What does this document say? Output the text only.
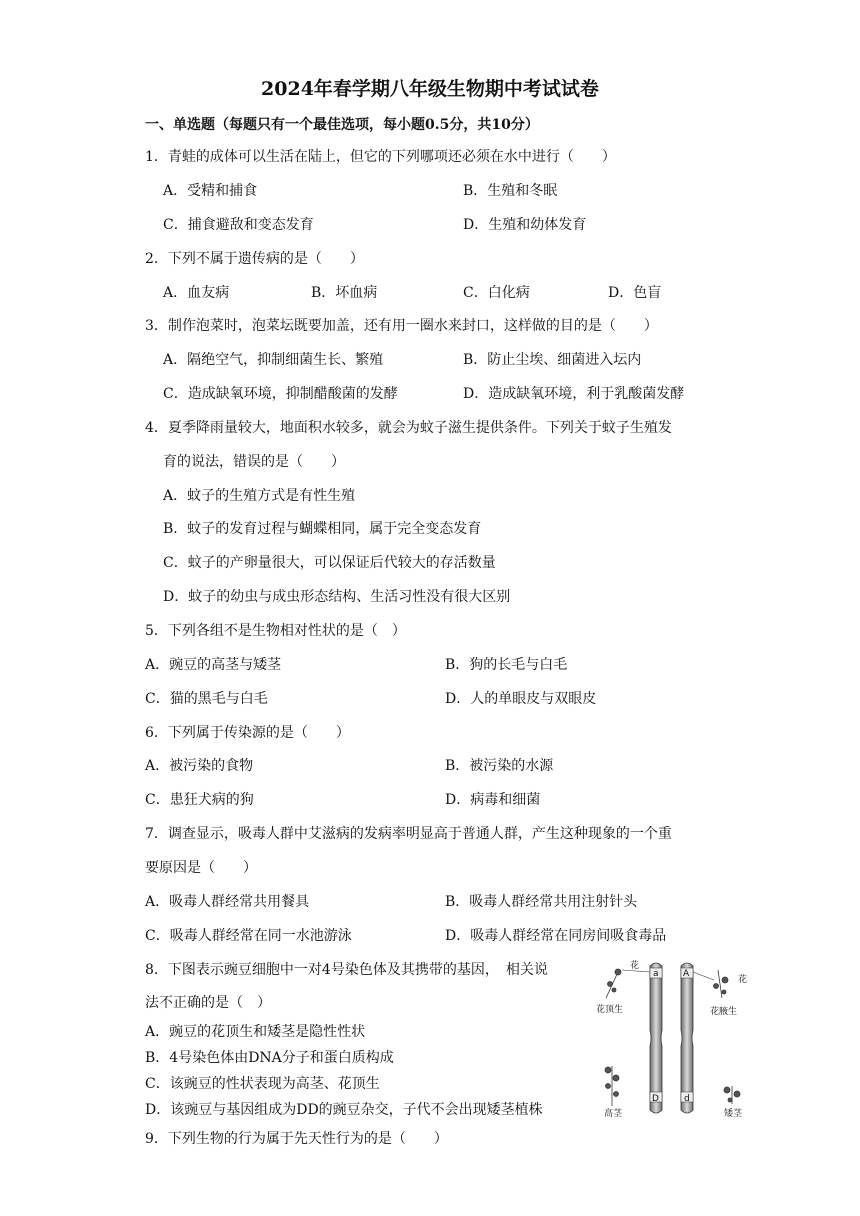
2024年春学期八年级生物期中考试试卷
一、单选题（每题只有一个最佳选项，每小题0.5分，共10分）
1．青蛙的成体可以生活在陆上，但它的下列哪项还必须在水中进行（　　）
A．受精和捕食	B．生殖和冬眠
C．捕食避敌和变态发育	D．生殖和幼体发育
2．下列不属于遗传病的是（　　）
A．血友病	B．坏血病	C．白化病	D．色盲
3．制作泡菜时，泡菜坛既要加盖，还有用一圈水来封口，这样做的目的是（　　）
A．隔绝空气，抑制细菌生长、繁殖	B．防止尘埃、细菌进入坛内
C．造成缺氧环境，抑制醋酸菌的发酵	D．造成缺氧环境，利于乳酸菌发酵
4．夏季降雨量较大，地面积水较多，就会为蚊子滋生提供条件。下列关于蚊子生殖发
育的说法，错误的是（　　）
A．蚊子的生殖方式是有性生殖
B．蚊子的发育过程与蝴蝶相同，属于完全变态发育
C．蚊子的产卵量很大，可以保证后代较大的存活数量
D．蚊子的幼虫与成虫形态结构、生活习性没有很大区别
5．下列各组不是生物相对性状的是（　）
A．豌豆的高茎与矮茎	B．狗的长毛与白毛
C．猫的黑毛与白毛	D．人的单眼皮与双眼皮
6．下列属于传染源的是（　　）
A．被污染的食物	B．被污染的水源
C．患狂犬病的狗	D．病毒和细菌
7．调查显示，吸毒人群中艾滋病的发病率明显高于普通人群，产生这种现象的一个重
要原因是（　　）
A．吸毒人群经常共用餐具	B．吸毒人群经常共用注射针头
C．吸毒人群经常在同一水池游泳	D．吸毒人群经常在同房间吸食毒品
8．下图表示豌豆细胞中一对4号染色体及其携带的基因，　相关说
法不正确的是（　）
A．豌豆的花顶生和矮茎是隐性性状
B．4号染色体由DNA分子和蛋白质构成
C．该豌豆的性状表现为高茎、花顶生
D．该豌豆与基因组成为DD的豌豆杂交，子代不会出现矮茎植株
9．下列生物的行为属于先天性行为的是（　　）
a
D
A
d
花
花
花顶生	花腋生
高茎	矮茎
